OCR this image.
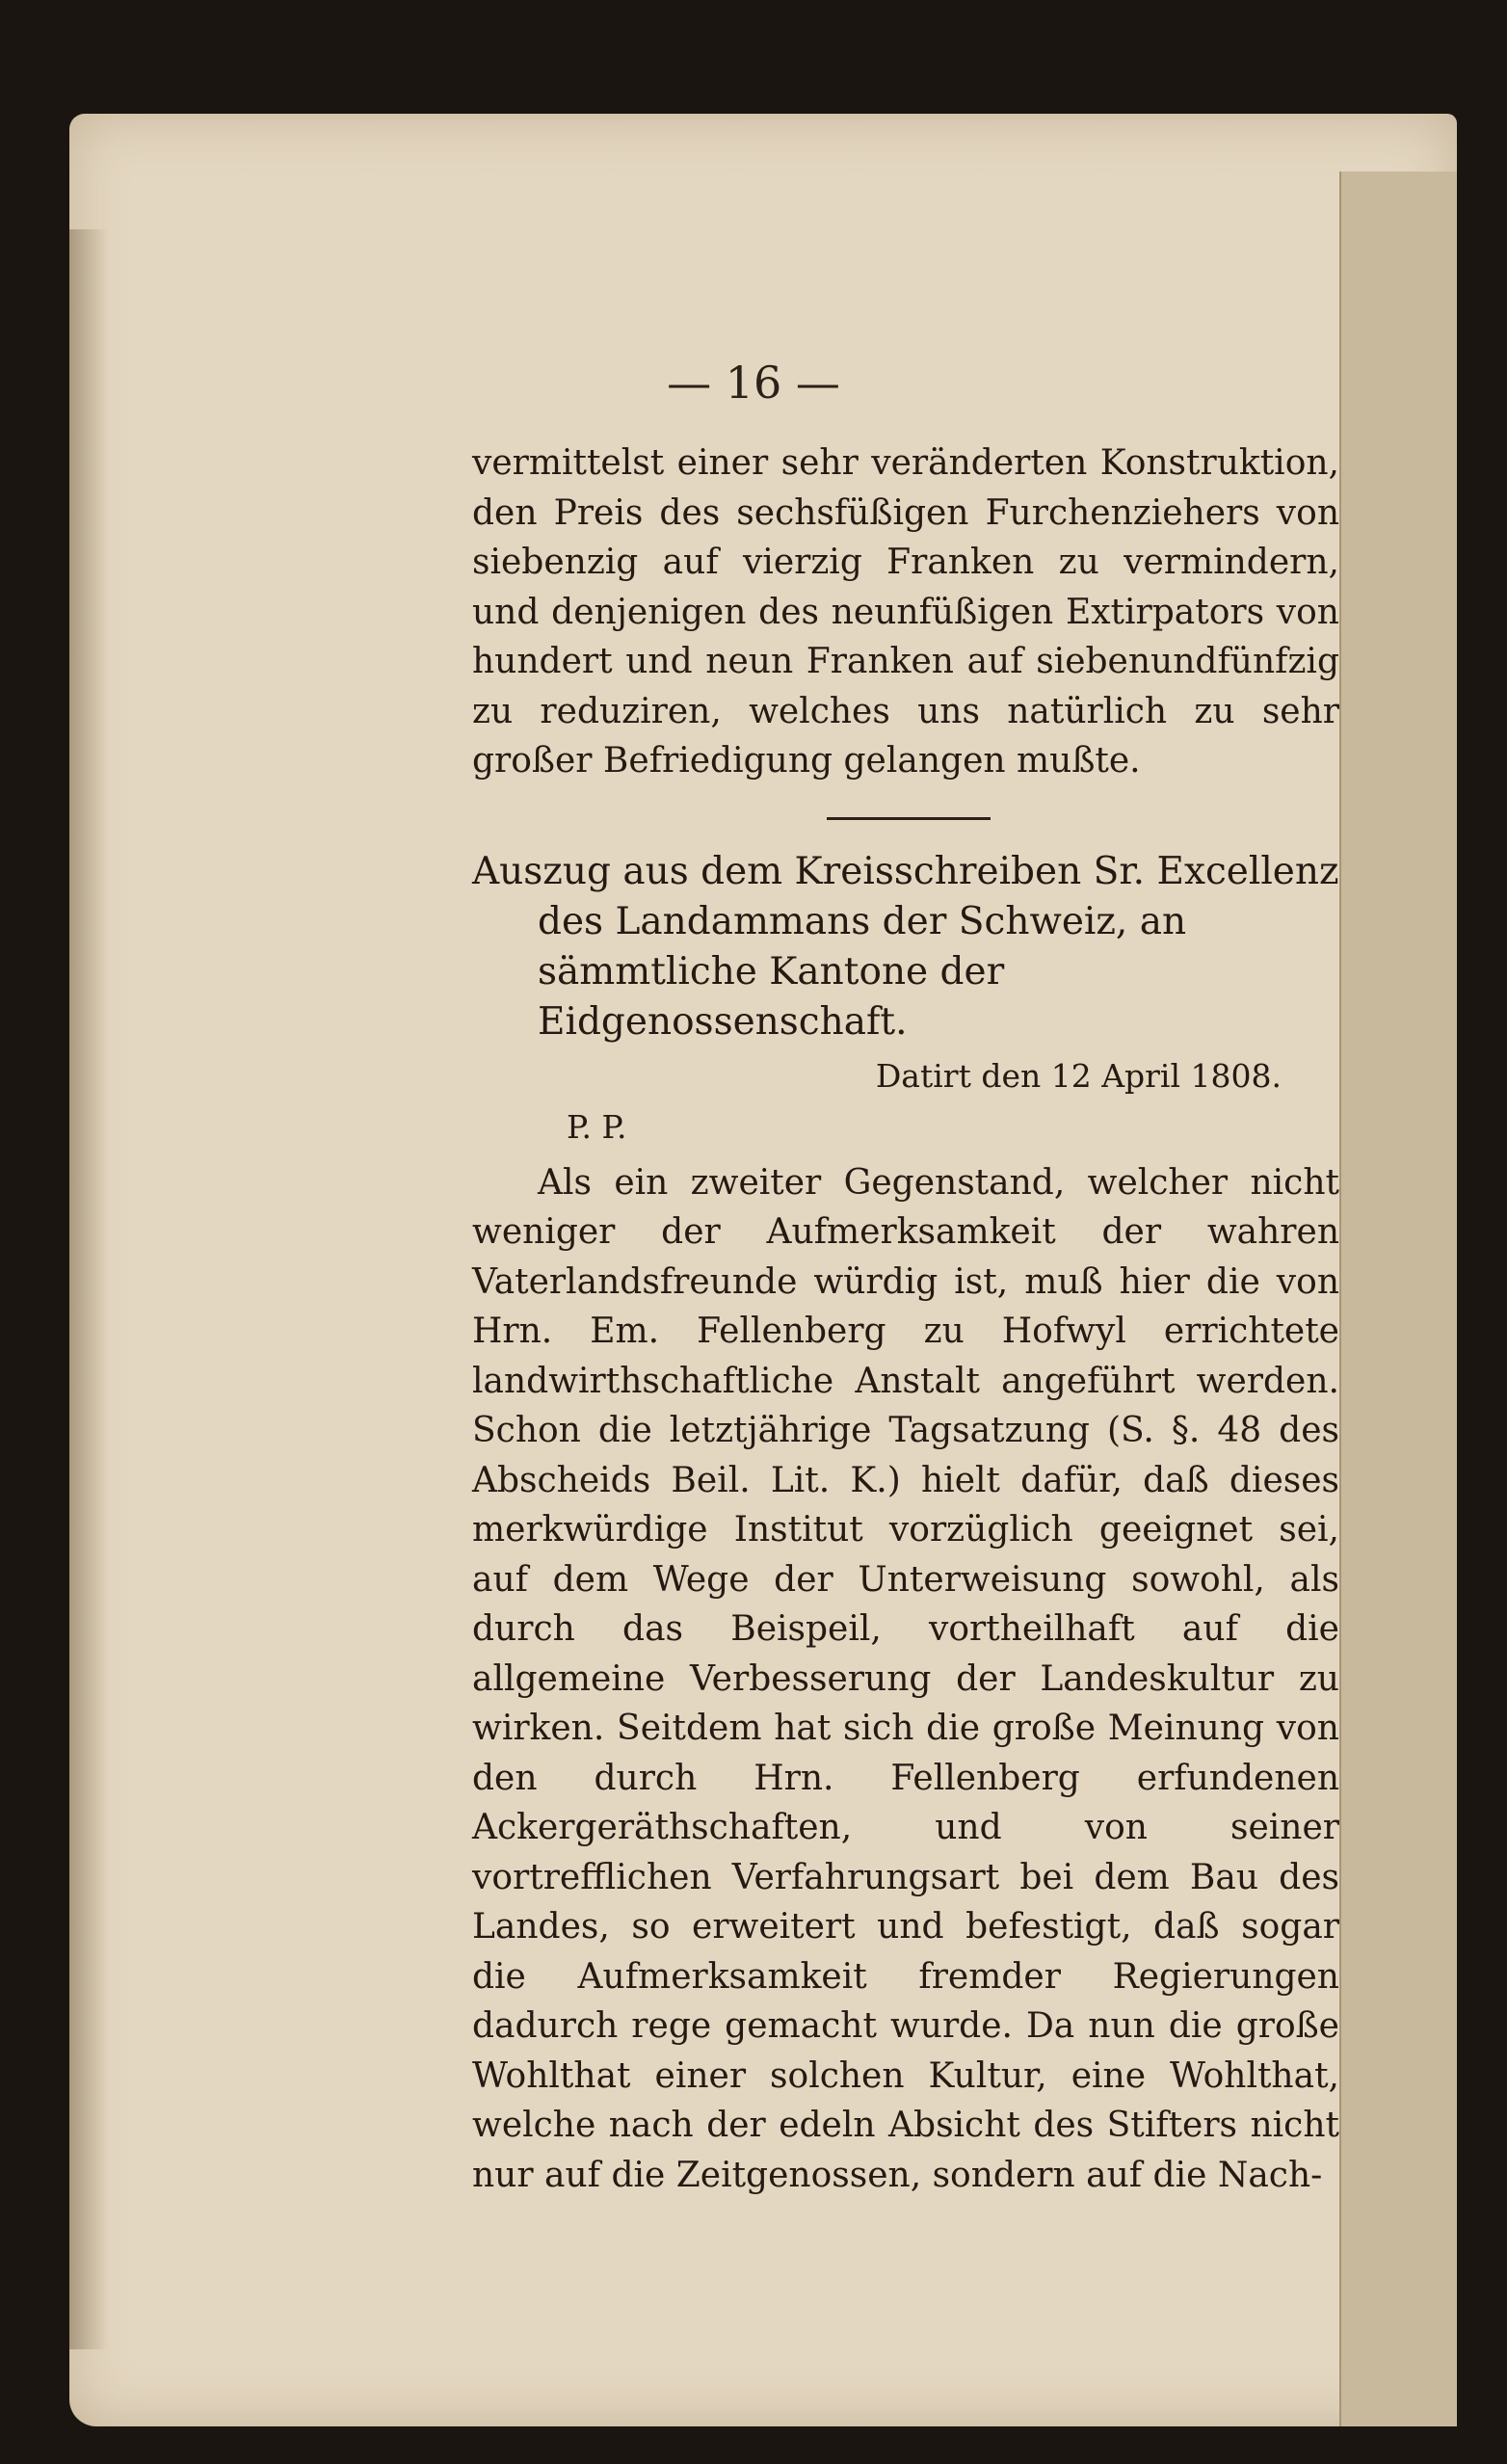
— 16 —

vermittelst einer sehr veränderten Konstruktion, den Preis des sechsfüßigen Furchenziehers von siebenzig auf vierzig Franken zu vermindern, und denjenigen des neunfüßigen Extirpators von hundert und neun Franken auf siebenundfünfzig zu reduziren, welches uns natürlich zu sehr großer Befriedigung gelangen mußte.

Auszug aus dem Kreisschreiben Sr. Excellenz des Landammans der Schweiz, an sämmtliche Kantone der Eidgenossenschaft.

Datirt den 12 April 1808.

P. P.

Als ein zweiter Gegenstand, welcher nicht weniger der Aufmerksamkeit der wahren Vaterlandsfreunde würdig ist, muß hier die von Hrn. Em. Fellenberg zu Hofwyl errichtete landwirthschaftliche Anstalt angeführt werden. Schon die letztjährige Tagsatzung (S. §. 48 des Abscheids Beil. Lit. K.) hielt dafür, daß dieses merkwürdige Institut vorzüglich geeignet sei, auf dem Wege der Unterweisung sowohl, als durch das Beispeil, vortheilhaft auf die allgemeine Verbesserung der Landeskultur zu wirken. Seitdem hat sich die große Meinung von den durch Hrn. Fellenberg erfundenen Ackergeräthschaften, und von seiner vortrefflichen Verfahrungsart bei dem Bau des Landes, so erweitert und befestigt, daß sogar die Aufmerksamkeit fremder Regierungen dadurch rege gemacht wurde. Da nun die große Wohlthat einer solchen Kultur, eine Wohlthat, welche nach der edeln Absicht des Stifters nicht nur auf die Zeitgenossen, sondern auf die Nach-
